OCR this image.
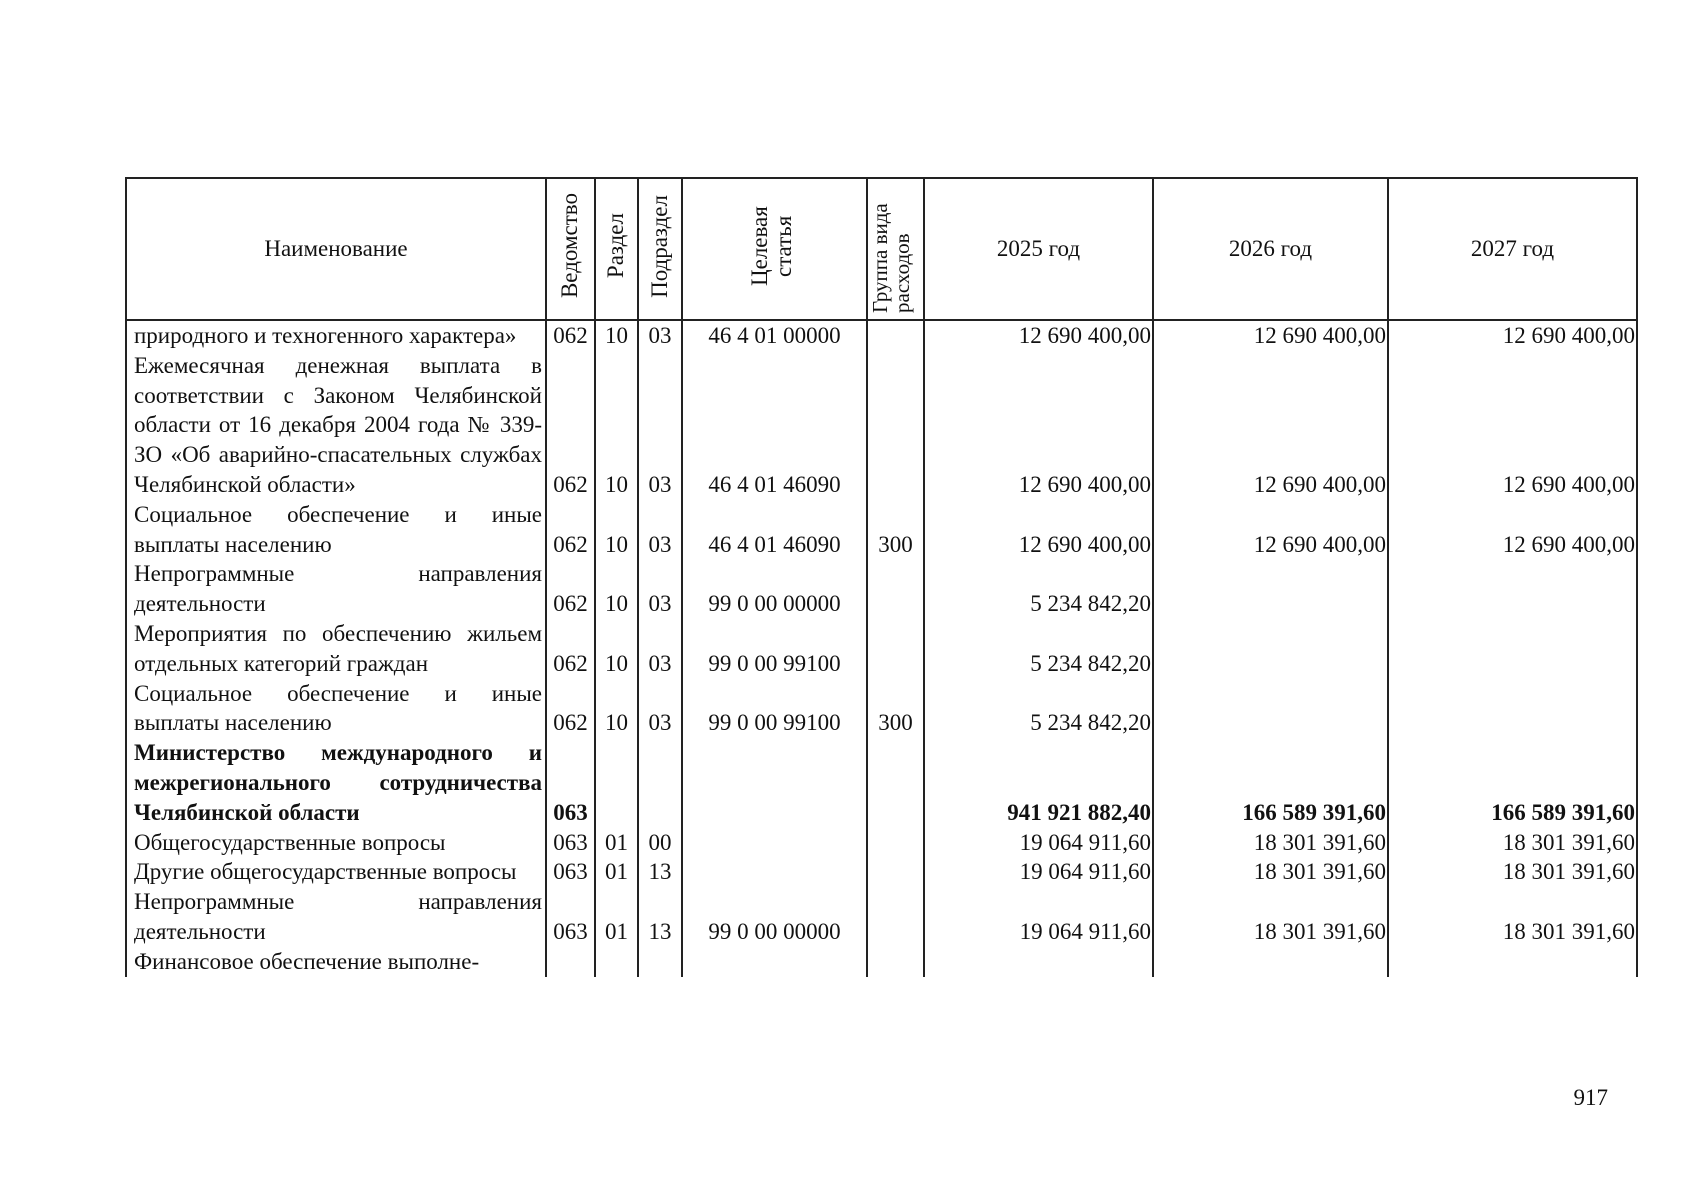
Наименование	Ведомство	Раздел	Подраздел	Целевая статья	Группа вида расходов	2025 год	2026 год	2027 год
природного и техногенного характера»	062	10	03	46 4 01 00000		12 690 400,00	12 690 400,00	12 690 400,00
Ежемесячная денежная выплата в соответствии с Законом Челябинской области от 16 декабря 2004 года № 339-ЗО «Об аварийно-спасательных службах Челябинской области»	062	10	03	46 4 01 46090		12 690 400,00	12 690 400,00	12 690 400,00
Социальное обеспечение и иные выплаты населению	062	10	03	46 4 01 46090	300	12 690 400,00	12 690 400,00	12 690 400,00
Непрограммные направления деятельности	062	10	03	99 0 00 00000		5 234 842,20		
Мероприятия по обеспечению жильем отдельных категорий граждан	062	10	03	99 0 00 99100		5 234 842,20		
Социальное обеспечение и иные выплаты населению	062	10	03	99 0 00 99100	300	5 234 842,20		
Министерство международного и межрегионального сотрудничества Челябинской области	063					941 921 882,40	166 589 391,60	166 589 391,60
Общегосударственные вопросы	063	01	00			19 064 911,60	18 301 391,60	18 301 391,60
Другие общегосударственные вопросы	063	01	13			19 064 911,60	18 301 391,60	18 301 391,60
Непрограммные направления деятельности	063	01	13	99 0 00 00000		19 064 911,60	18 301 391,60	18 301 391,60
Финансовое обеспечение выполне-								
917
